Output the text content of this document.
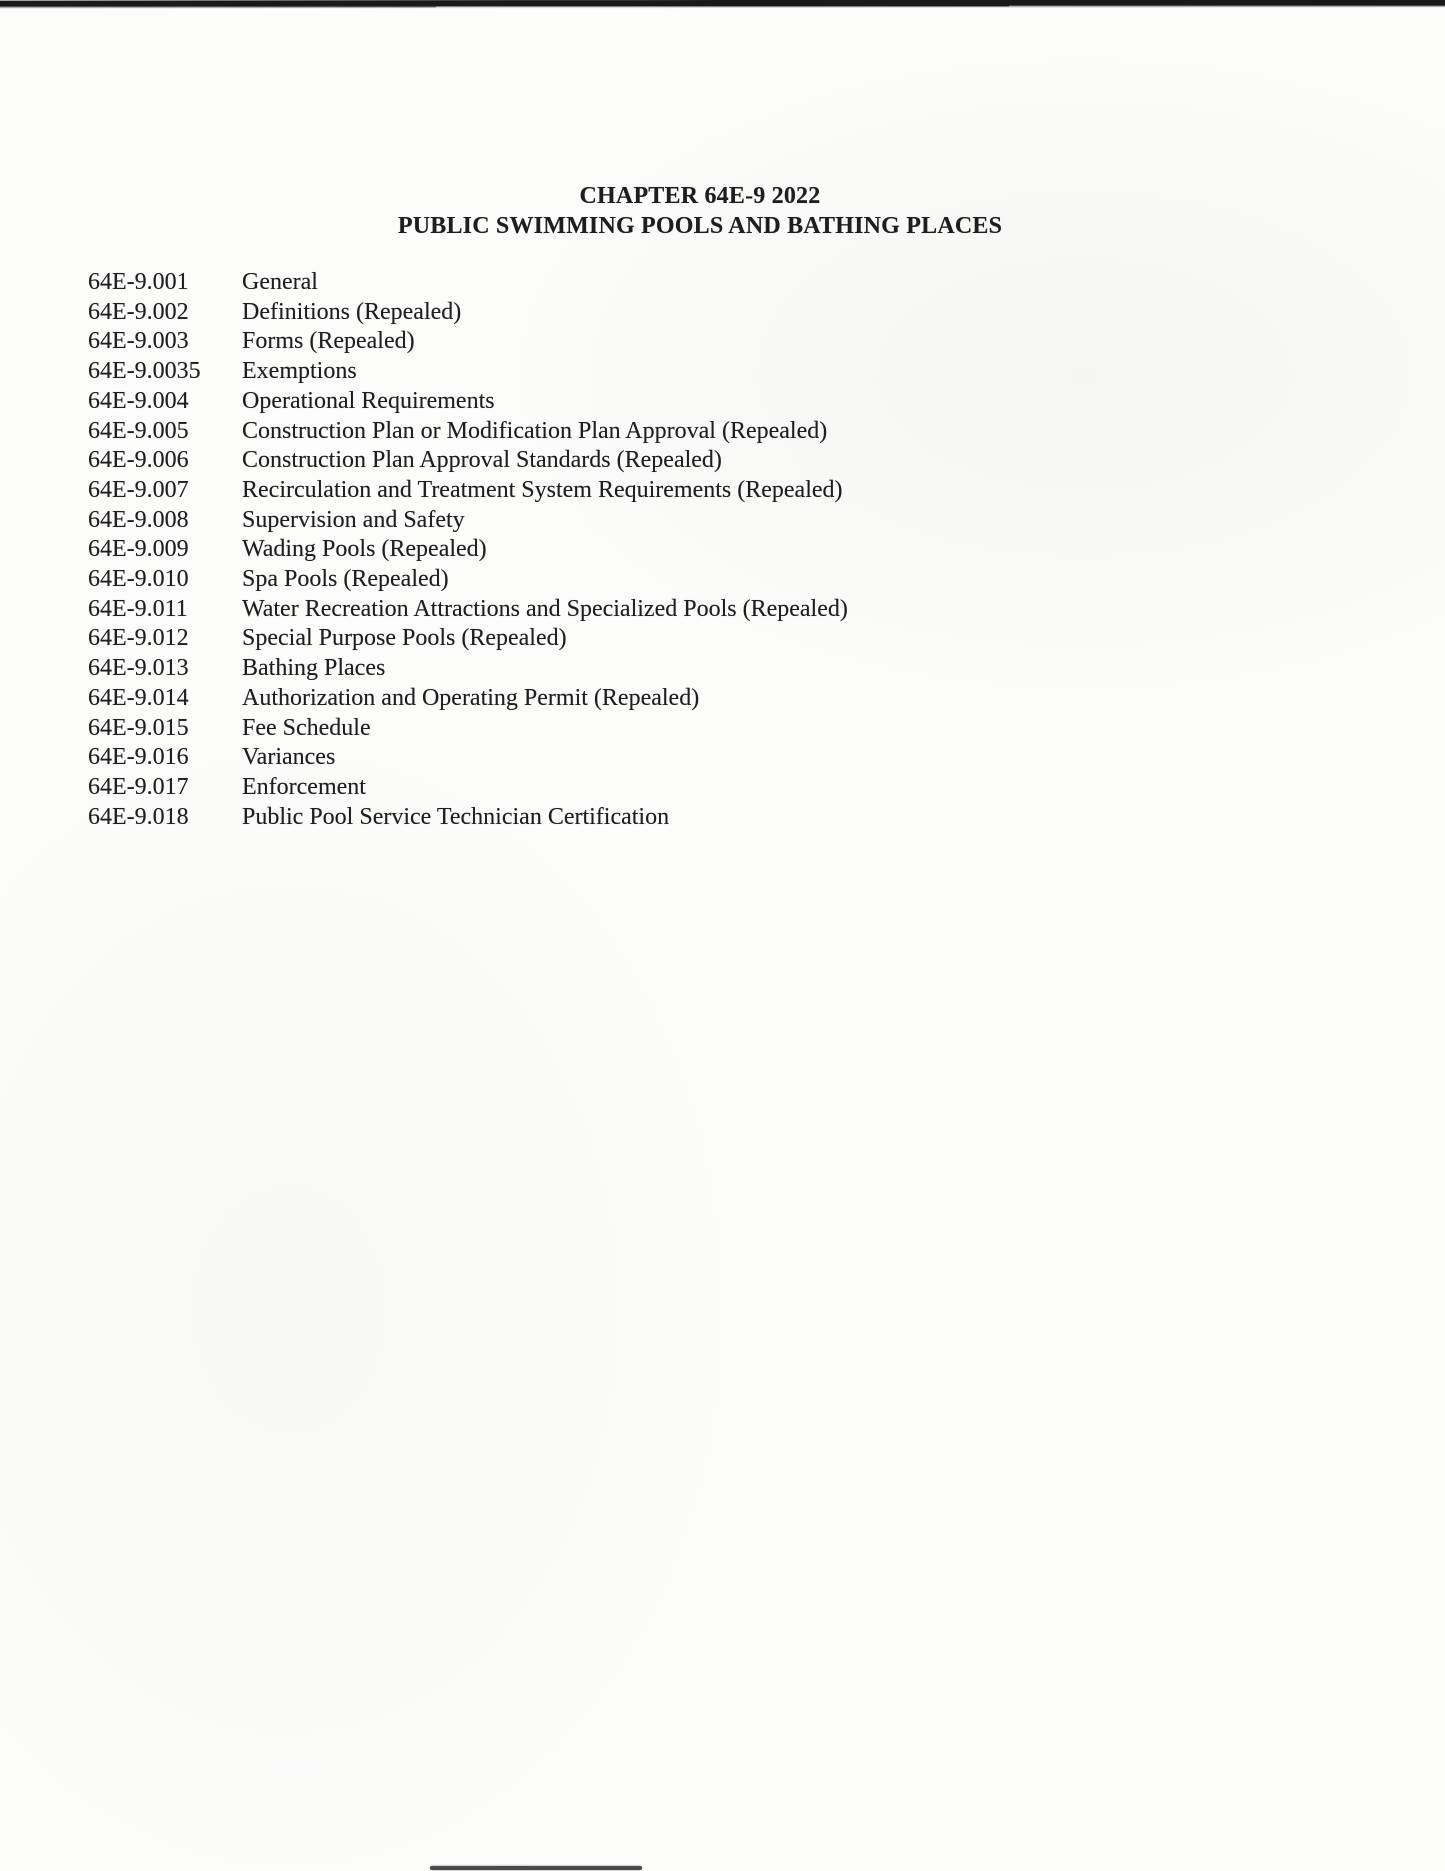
CHAPTER 64E-9 2022
PUBLIC SWIMMING POOLS AND BATHING PLACES
64E-9.001	General
64E-9.002	Definitions (Repealed)
64E-9.003	Forms (Repealed)
64E-9.0035	Exemptions
64E-9.004	Operational Requirements
64E-9.005	Construction Plan or Modification Plan Approval (Repealed)
64E-9.006	Construction Plan Approval Standards (Repealed)
64E-9.007	Recirculation and Treatment System Requirements (Repealed)
64E-9.008	Supervision and Safety
64E-9.009	Wading Pools (Repealed)
64E-9.010	Spa Pools (Repealed)
64E-9.011	Water Recreation Attractions and Specialized Pools (Repealed)
64E-9.012	Special Purpose Pools (Repealed)
64E-9.013	Bathing Places
64E-9.014	Authorization and Operating Permit (Repealed)
64E-9.015	Fee Schedule
64E-9.016	Variances
64E-9.017	Enforcement
64E-9.018	Public Pool Service Technician Certification
